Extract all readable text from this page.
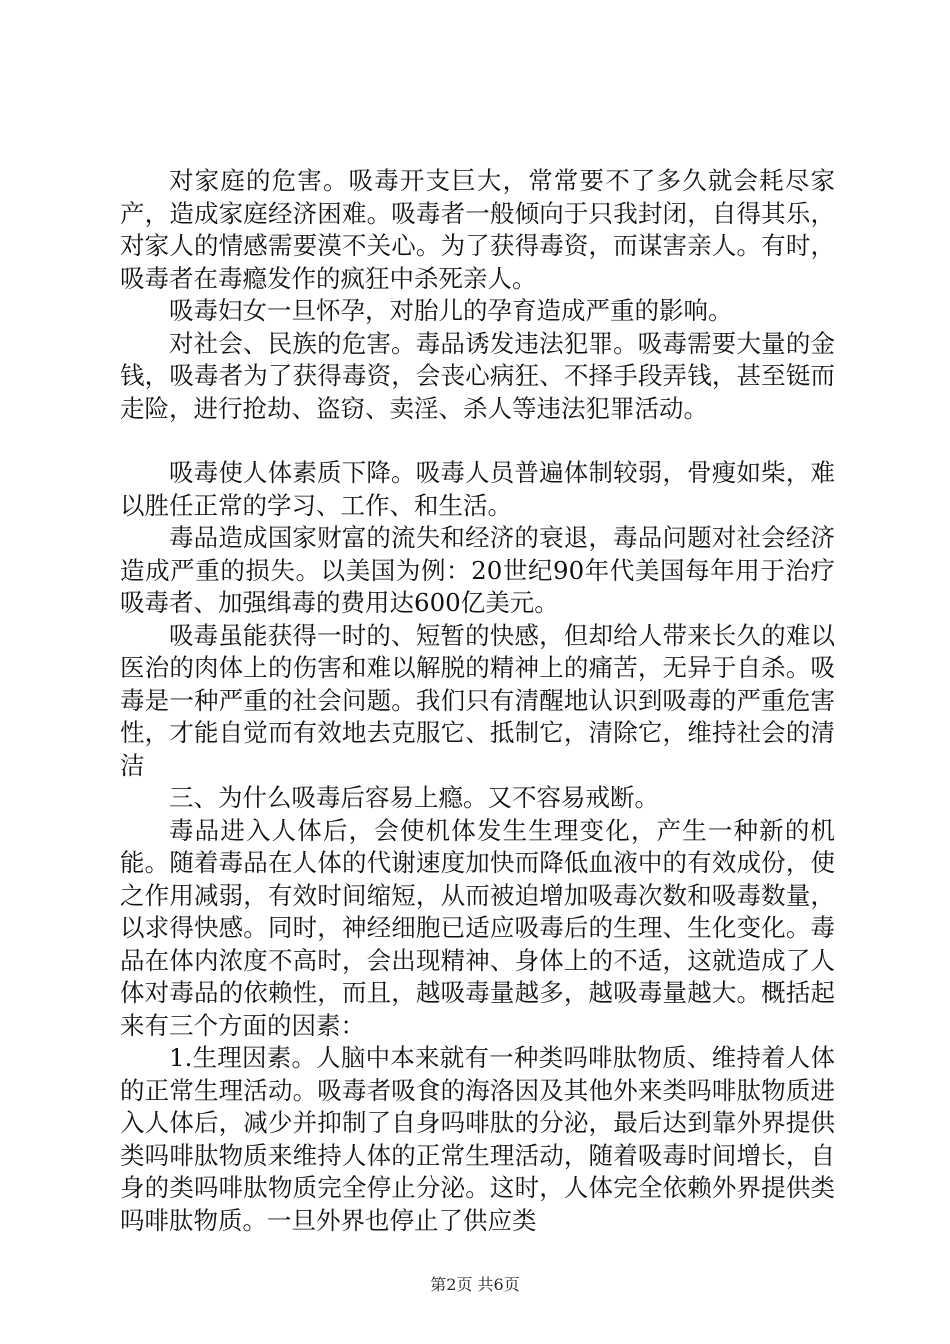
对家庭的危害。吸毒开支巨大，常常要不了多久就会耗尽家产，造成家庭经济困难。吸毒者一般倾向于只我封闭，自得其乐，对家人的情感需要漠不关心。为了获得毒资，而谋害亲人。有时，吸毒者在毒瘾发作的疯狂中杀死亲人。

吸毒妇女一旦怀孕，对胎儿的孕育造成严重的影响。

对社会、民族的危害。毒品诱发违法犯罪。吸毒需要大量的金钱，吸毒者为了获得毒资，会丧心病狂、不择手段弄钱，甚至铤而走险，进行抢劫、盗窃、卖淫、杀人等违法犯罪活动。

吸毒使人体素质下降。吸毒人员普遍体制较弱，骨瘦如柴，难以胜任正常的学习、工作、和生活。

毒品造成国家财富的流失和经济的衰退，毒品问题对社会经济造成严重的损失。以美国为例：20世纪90年代美国每年用于治疗吸毒者、加强缉毒的费用达600亿美元。

吸毒虽能获得一时的、短暂的快感，但却给人带来长久的难以医治的肉体上的伤害和难以解脱的精神上的痛苦，无异于自杀。吸毒是一种严重的社会问题。我们只有清醒地认识到吸毒的严重危害性，才能自觉而有效地去克服它、抵制它，清除它，维持社会的清洁

三、为什么吸毒后容易上瘾。又不容易戒断。

毒品进入人体后，会使机体发生生理变化，产生一种新的机能。随着毒品在人体的代谢速度加快而降低血液中的有效成份，使之作用减弱，有效时间缩短，从而被迫增加吸毒次数和吸毒数量，以求得快感。同时，神经细胞已适应吸毒后的生理、生化变化。毒品在体内浓度不高时，会出现精神、身体上的不适，这就造成了人体对毒品的依赖性，而且，越吸毒量越多，越吸毒量越大。概括起来有三个方面的因素：

1.生理因素。人脑中本来就有一种类吗啡肽物质、维持着人体的正常生理活动。吸毒者吸食的海洛因及其他外来类吗啡肽物质进入人体后，减少并抑制了自身吗啡肽的分泌，最后达到靠外界提供类吗啡肽物质来维持人体的正常生理活动，随着吸毒时间增长，自身的类吗啡肽物质完全停止分泌。这时，人体完全依赖外界提供类吗啡肽物质。一旦外界也停止了供应类

第2页 共6页
